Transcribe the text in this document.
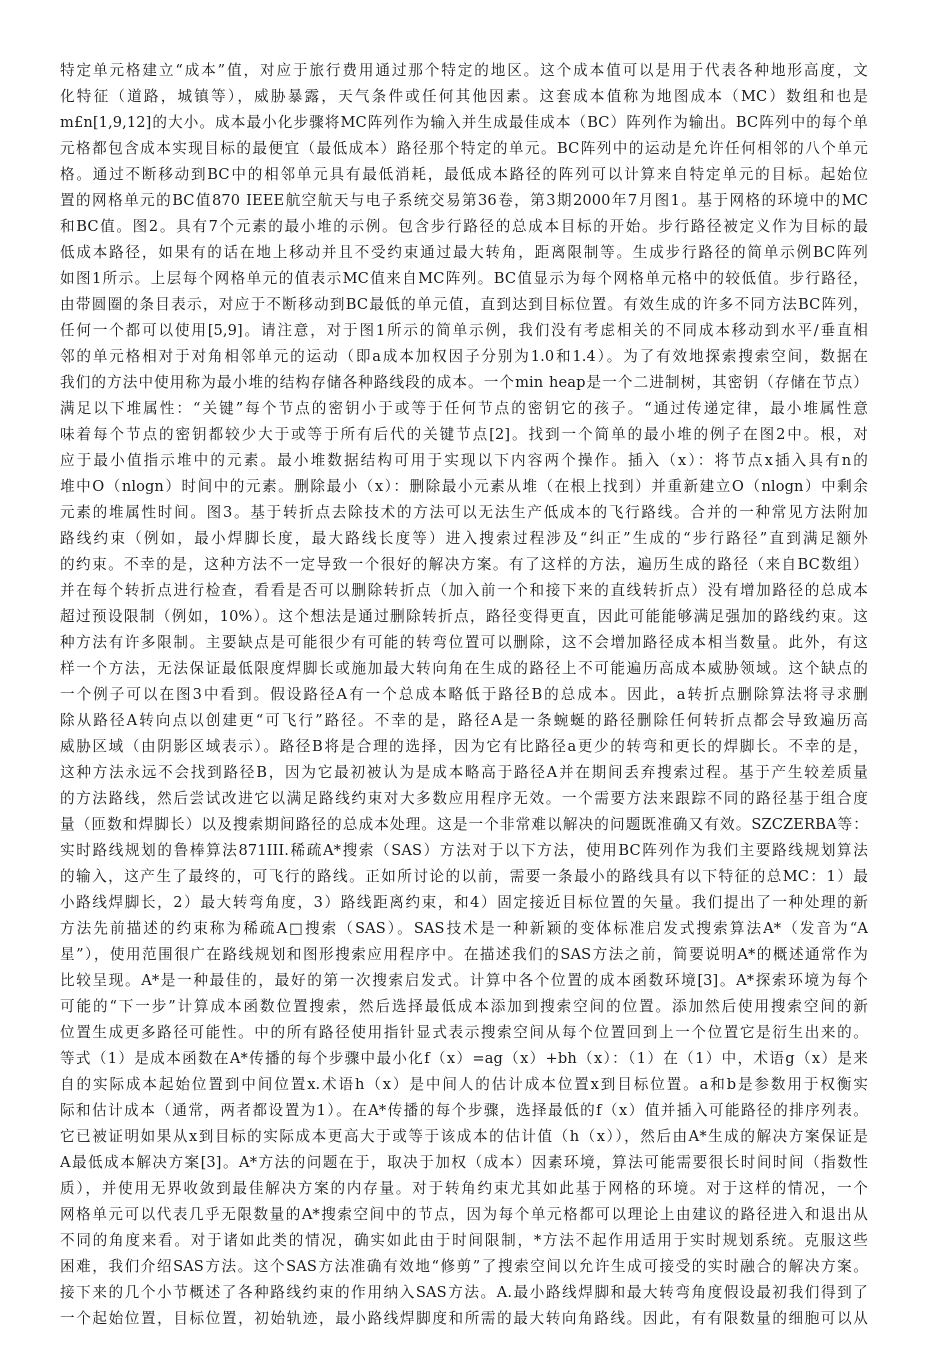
特定单元格建立“成本”值，对应于旅行费用通过那个特定的地区。这个成本值可以是用于代表各种地形高度，文
化特征（道路，城镇等），威胁暴露，天气条件或任何其他因素。这套成本值称为地图成本（MC）数组和也是
m£n[1,9,12]的大小。成本最小化步骤将MC阵列作为输入并生成最佳成本（BC）阵列作为输出。BC阵列中的每个单
元格都包含成本实现目标的最便宜（最低成本）路径那个特定的单元。BC阵列中的运动是允许任何相邻的八个单元
格。通过不断移动到BC中的相邻单元具有最低消耗，最低成本路径的阵列可以计算来自特定单元的目标。起始位
置的网格单元的BC值870 IEEE航空航天与电子系统交易第36卷，第3期2000年7月图1。基于网格的环境中的MC
和BC值。图2。具有7个元素的最小堆的示例。包含步行路径的总成本目标的开始。步行路径被定义作为目标的最
低成本路径，如果有的话在地上移动并且不受约束通过最大转角，距离限制等。生成步行路径的简单示例BC阵列
如图1所示。上层每个网格单元的值表示MC值来自MC阵列。BC值显示为每个网格单元格中的较低值。步行路径，
由带圆圈的条目表示，对应于不断移动到BC最低的单元值，直到达到目标位置。有效生成的许多不同方法BC阵列，
任何一个都可以使用[5,9]。请注意，对于图1所示的简单示例，我们没有考虑相关的不同成本移动到水平/垂直相
邻的单元格相对于对角相邻单元的运动（即a成本加权因子分别为1.0和1.4）。为了有效地探索搜索空间，数据在
我们的方法中使用称为最小堆的结构存储各种路线段的成本。一个min heap是一个二进制树，其密钥（存储在节点）
满足以下堆属性：“关键”每个节点的密钥小于或等于任何节点的密钥它的孩子。“通过传递定律，最小堆属性意
味着每个节点的密钥都较少大于或等于所有后代的关键节点[2]。找到一个简单的最小堆的例子在图2中。根，对
应于最小值指示堆中的元素。最小堆数据结构可用于实现以下内容两个操作。插入（x）：将节点x插入具有n的
堆中O（nlogn）时间中的元素。删除最小（x）：删除最小元素从堆（在根上找到）并重新建立O（nlogn）中剩余
元素的堆属性时间。图3。基于转折点去除技术的方法可以无法生产低成本的飞行路线。合并的一种常见方法附加
路线约束（例如，最小焊脚长度，最大路线长度等）进入搜索过程涉及“纠正”生成的“步行路径”直到满足额外
的约束。不幸的是，这种方法不一定导致一个很好的解决方案。有了这样的方法，遍历生成的路径（来自BC数组）
并在每个转折点进行检查，看看是否可以删除转折点（加入前一个和接下来的直线转折点）没有增加路径的总成本
超过预设限制（例如，10%）。这个想法是通过删除转折点，路径变得更直，因此可能能够满足强加的路线约束。这
种方法有许多限制。主要缺点是可能很少有可能的转弯位置可以删除，这不会增加路径成本相当数量。此外，有这
样一个方法，无法保证最低限度焊脚长或施加最大转向角在生成的路径上不可能遍历高成本威胁领域。这个缺点的
一个例子可以在图3中看到。假设路径A有一个总成本略低于路径B的总成本。因此，a转折点删除算法将寻求删
除从路径A转向点以创建更“可飞行”路径。不幸的是，路径A是一条蜿蜒的路径删除任何转折点都会导致遍历高
威胁区域（由阴影区域表示）。路径B将是合理的选择，因为它有比路径a更少的转弯和更长的焊脚长。不幸的是，
这种方法永远不会找到路径B，因为它最初被认为是成本略高于路径A并在期间丢弃搜索过程。基于产生较差质量
的方法路线，然后尝试改进它以满足路线约束对大多数应用程序无效。一个需要方法来跟踪不同的路径基于组合度
量（匝数和焊脚长）以及搜索期间路径的总成本处理。这是一个非常难以解决的问题既准确又有效。SZCZERBA等：
实时路线规划的鲁棒算法871III.稀疏A*搜索（SAS）方法对于以下方法，使用BC阵列作为我们主要路线规划算法
的输入，这产生了最终的，可飞行的路线。正如所讨论的以前，需要一条最小的路线具有以下特征的总MC：1）最
小路线焊脚长，2）最大转弯角度，3）路线距离约束，和4）固定接近目标位置的矢量。我们提出了一种处理的新
方法先前描述的约束称为稀疏A□搜索（SAS）。SAS技术是一种新颖的变体标准启发式搜索算法A*（发音为“A
星”），使用范围很广在路线规划和图形搜索应用程序中。在描述我们的SAS方法之前，简要说明A*的概述通常作为
比较呈现。A*是一种最佳的，最好的第一次搜索启发式。计算中各个位置的成本函数环境[3]。A*探索环境为每个
可能的“下一步”计算成本函数位置搜索，然后选择最低成本添加到搜索空间的位置。添加然后使用搜索空间的新
位置生成更多路径可能性。中的所有路径使用指针显式表示搜索空间从每个位置回到上一个位置它是衍生出来的。
等式（1）是成本函数在A*传播的每个步骤中最小化f（x）=ag（x）+bh（x）：（1）在（1）中，术语g（x）是来
自的实际成本起始位置到中间位置x.术语h（x）是中间人的估计成本位置x到目标位置。a和b是参数用于权衡实
际和估计成本（通常，两者都设置为1）。在A*传播的每个步骤，选择最低的f（x）值并插入可能路径的排序列表。
它已被证明如果从x到目标的实际成本更高大于或等于该成本的估计值（h（x）），然后由A*生成的解决方案保证是
A最低成本解决方案[3]。A*方法的问题在于，取决于加权（成本）因素环境，算法可能需要很长时间时间（指数性
质），并使用无界收敛到最佳解决方案的内存量。对于转角约束尤其如此基于网格的环境。对于这样的情况，一个
网格单元可以代表几乎无限数量的A*搜索空间中的节点，因为每个单元格都可以理论上由建议的路径进入和退出从
不同的角度来看。对于诸如此类的情况，确实如此由于时间限制，*方法不起作用适用于实时规划系统。克服这些
困难，我们介绍SAS方法。这个SAS方法准确有效地“修剪”了搜索空间以允许生成可接受的实时融合的解决方案。
接下来的几个小节概述了各种路线约束的作用纳入SAS方法。A.最小路线焊脚和最大转弯角度假设最初我们得到了
一个起始位置，目标位置，初始轨迹，最小路线焊脚度和所需的最大转向角路线。因此，有有限数量的细胞可以从
